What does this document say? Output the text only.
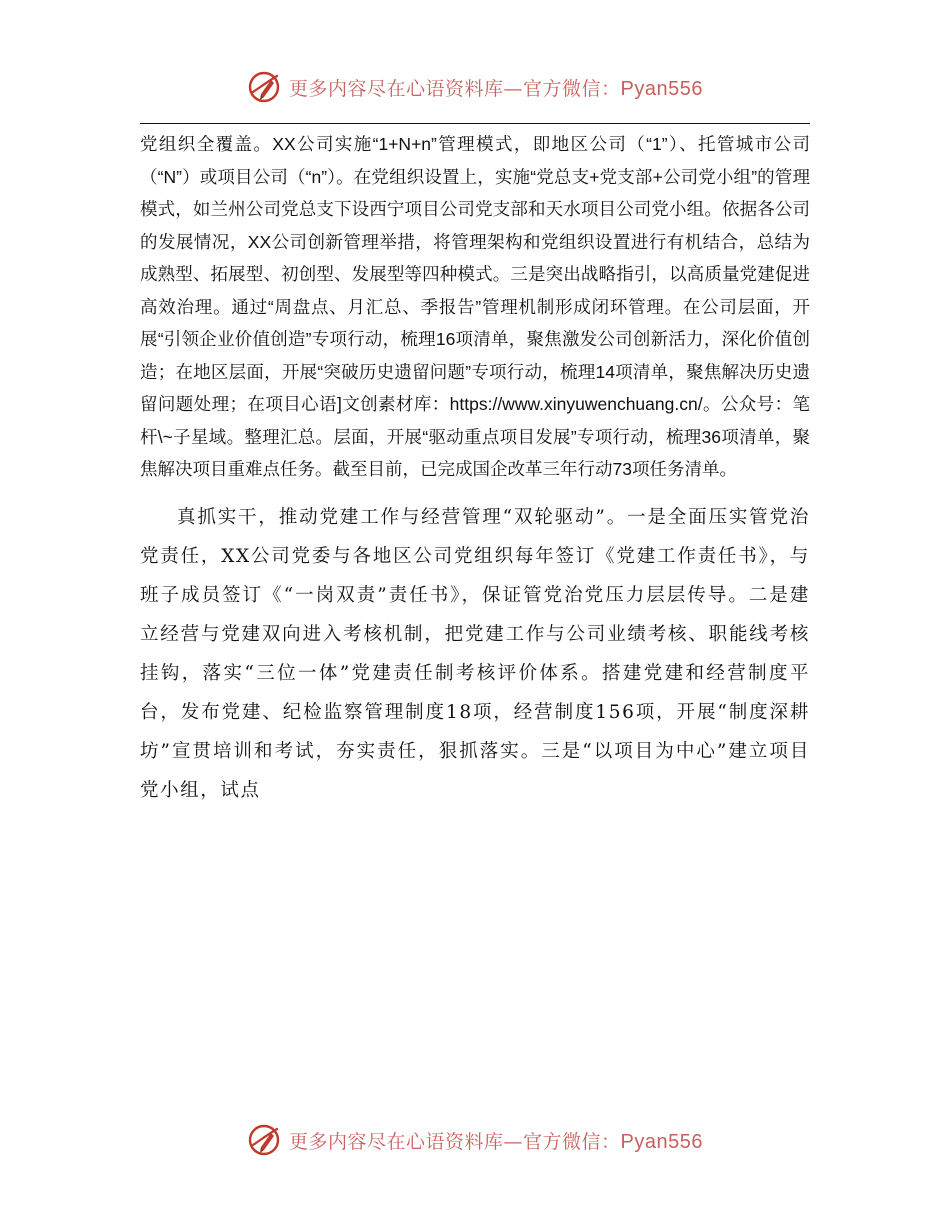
更多内容尽在心语资料库—官方微信：Pyan556

党组织全覆盖。XX公司实施“1+N+n”管理模式，即地区公司（“1”）、托管城市公司（“N”）或项目公司（“n”）。在党组织设置上，实施“党总支+党支部+公司党小组”的管理模式，如兰州公司党总支下设西宁项目公司党支部和天水项目公司党小组。依据各公司的发展情况，XX公司创新管理举措，将管理架构和党组织设置进行有机结合，总结为成熟型、拓展型、初创型、发展型等四种模式。三是突出战略指引，以高质量党建促进高效治理。通过“周盘点、月汇总、季报告”管理机制形成闭环管理。在公司层面，开展“引领企业价值创造”专项行动，梳理16项清单，聚焦激发公司创新活力，深化价值创造；在地区层面，开展“突破历史遗留问题”专项行动，梳理14项清单，聚焦解决历史遗留问题处理；在项目心语]文创素材库：https://www.xinyuwenchuang.cn/。公众号：笔杆\~子星域。整理汇总。层面，开展“驱动重点项目发展”专项行动，梳理36项清单，聚焦解决项目重难点任务。截至目前，已完成国企改革三年行动73项任务清单。

真抓实干，推动党建工作与经营管理“双轮驱动”。一是全面压实管党治党责任，XX公司党委与各地区公司党组织每年签订《党建工作责任书》，与班子成员签订《“一岗双责”责任书》，保证管党治党压力层层传导。二是建立经营与党建双向进入考核机制，把党建工作与公司业绩考核、职能线考核挂钩，落实“三位一体”党建责任制考核评价体系。搭建党建和经营制度平台，发布党建、纪检监察管理制度18项，经营制度156项，开展“制度深耕坊”宣贯培训和考试，夯实责任，狠抓落实。三是“以项目为中心”建立项目党小组，试点

更多内容尽在心语资料库—官方微信：Pyan556
